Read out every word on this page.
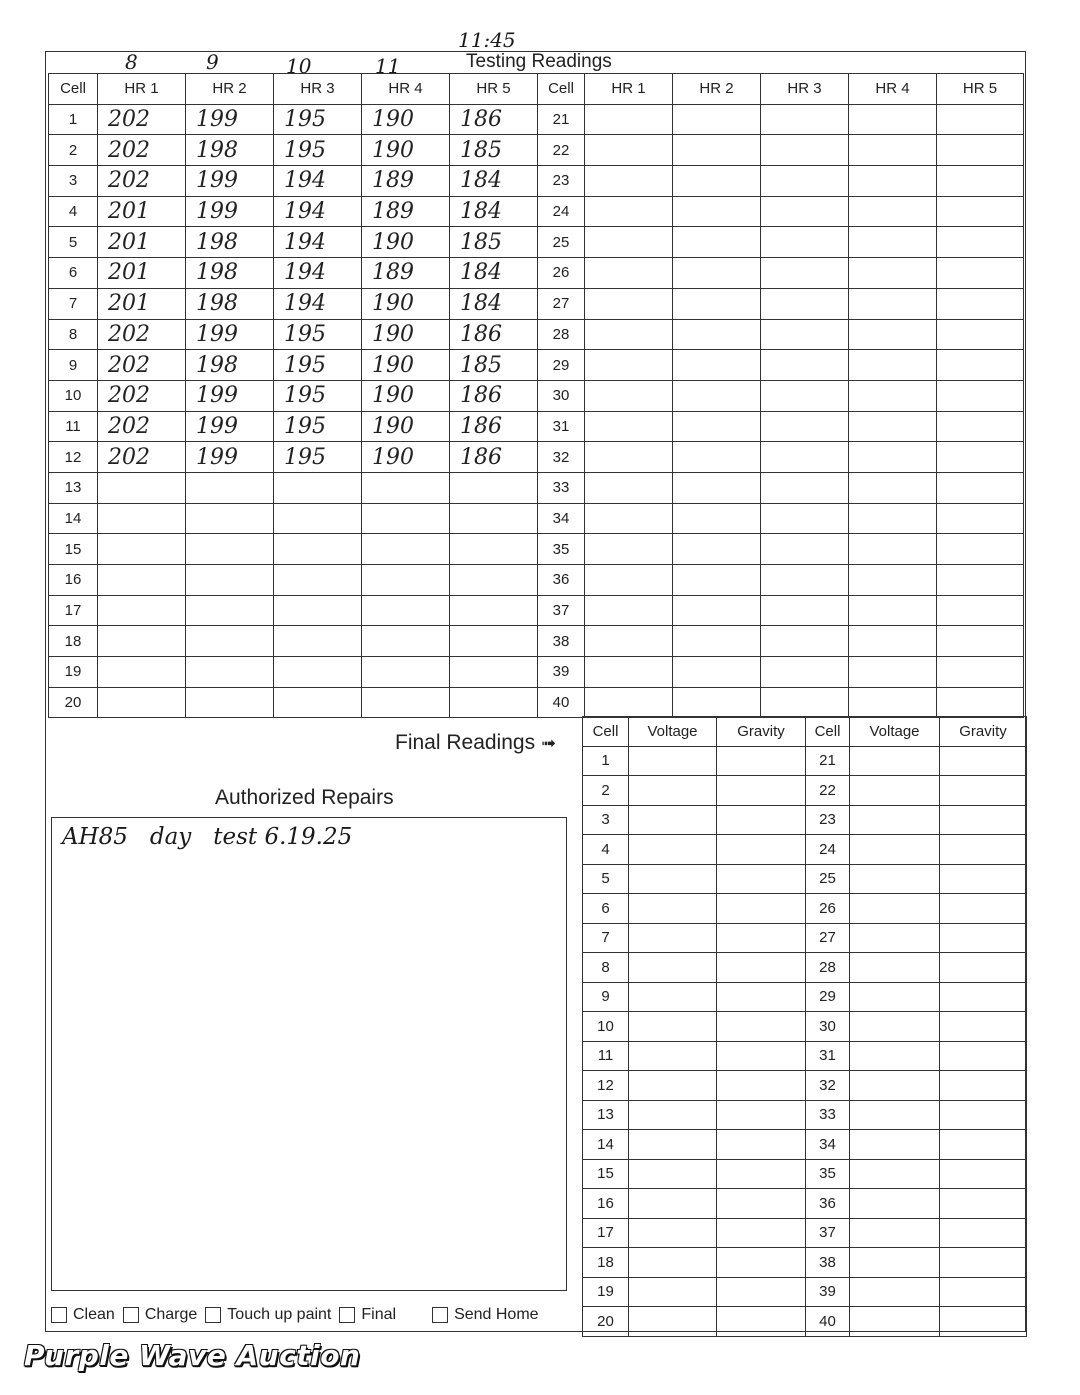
11:45
8	9	10	11	Testing Readings
Cell	HR 1	HR 2	HR 3	HR 4	HR 5	Cell	HR 1	HR 2	HR 3	HR 4	HR 5
1	202	199	195	190	186	21					
2	202	198	195	190	185	22					
3	202	199	194	189	184	23					
4	201	199	194	189	184	24					
5	201	198	194	190	185	25					
6	201	198	194	189	184	26					
7	201	198	194	190	184	27					
8	202	199	195	190	186	28					
9	202	198	195	190	185	29					
10	202	199	195	190	186	30					
11	202	199	195	190	186	31					
12	202	199	195	190	186	32					
13						33					
14						34					
15						35					
16						36					
17						37					
18						38					
19						39					
20						40					
Final Readings ➟
Cell	Voltage	Gravity	Cell	Voltage	Gravity
1			21		
2			22		
3			23		
4			24		
5			25		
6			26		
7			27		
8			28		
9			29		
10			30		
11			31		
12			32		
13			33		
14			34		
15			35		
16			36		
17			37		
18			38		
19			39		
20			40		
Authorized Repairs
AH85   day   test 6.19.25
Clean Charge Touch up paint Final	Send Home
Purple Wave Auction
